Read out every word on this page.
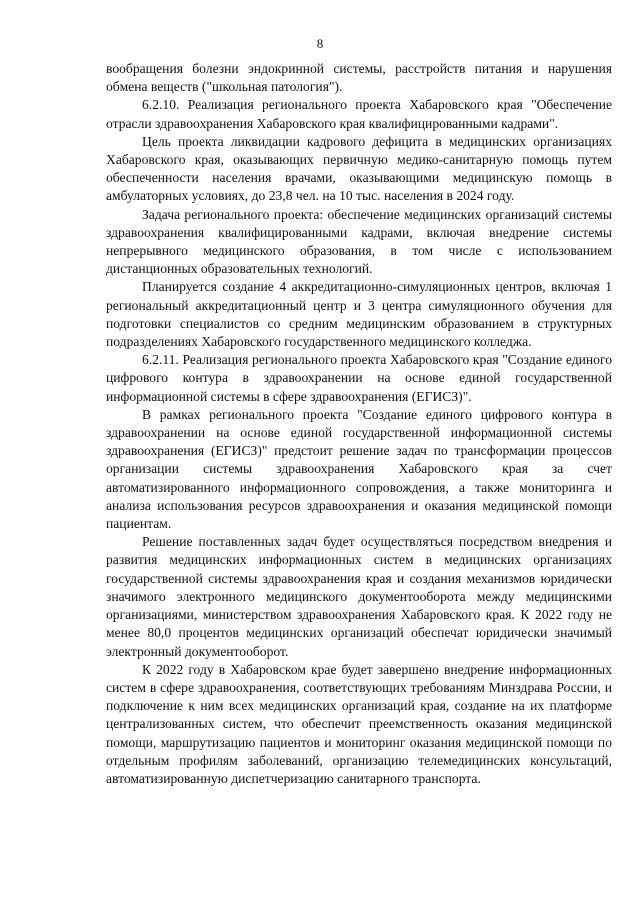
8

вообращения болезни эндокринной системы, расстройств питания и нарушения обмена веществ ("школьная патология").

6.2.10. Реализация регионального проекта Хабаровского края "Обеспечение отрасли здравоохранения Хабаровского края квалифицированными кадрами".

Цель проекта ликвидации кадрового дефицита в медицинских организациях Хабаровского края, оказывающих первичную медико-санитарную помощь путем обеспеченности населения врачами, оказывающими медицинскую помощь в амбулаторных условиях, до 23,8 чел. на 10 тыс. населения в 2024 году.

Задача регионального проекта: обеспечение медицинских организаций системы здравоохранения квалифицированными кадрами, включая внедрение системы непрерывного медицинского образования, в том числе с использованием дистанционных образовательных технологий.

Планируется создание 4 аккредитационно-симуляционных центров, включая 1 региональный аккредитационный центр и 3 центра симуляционного обучения для подготовки специалистов со средним медицинским образованием в структурных подразделениях Хабаровского государственного медицинского колледжа.

6.2.11. Реализация регионального проекта Хабаровского края "Создание единого цифрового контура в здравоохранении на основе единой государственной информационной системы в сфере здравоохранения (ЕГИСЗ)".

В рамках регионального проекта "Создание единого цифрового контура в здравоохранении на основе единой государственной информационной системы здравоохранения (ЕГИСЗ)" предстоит решение задач по трансформации процессов организации системы здравоохранения Хабаровского края за счет автоматизированного информационного сопровождения, а также мониторинга и анализа использования ресурсов здравоохранения и оказания медицинской помощи пациентам.

Решение поставленных задач будет осуществляться посредством внедрения и развития медицинских информационных систем в медицинских организациях государственной системы здравоохранения края и создания механизмов юридически значимого электронного медицинского документооборота между медицинскими организациями, министерством здравоохранения Хабаровского края. К 2022 году не менее 80,0 процентов медицинских организаций обеспечат юридически значимый электронный документооборот.

К 2022 году в Хабаровском крае будет завершено внедрение информационных систем в сфере здравоохранения, соответствующих требованиям Минздрава России, и подключение к ним всех медицинских организаций края, создание на их платформе централизованных систем, что обеспечит преемственность оказания медицинской помощи, маршрутизацию пациентов и мониторинг оказания медицинской помощи по отдельным профилям заболеваний, организацию телемедицинских консультаций, автоматизированную диспетчеризацию санитарного транспорта.
